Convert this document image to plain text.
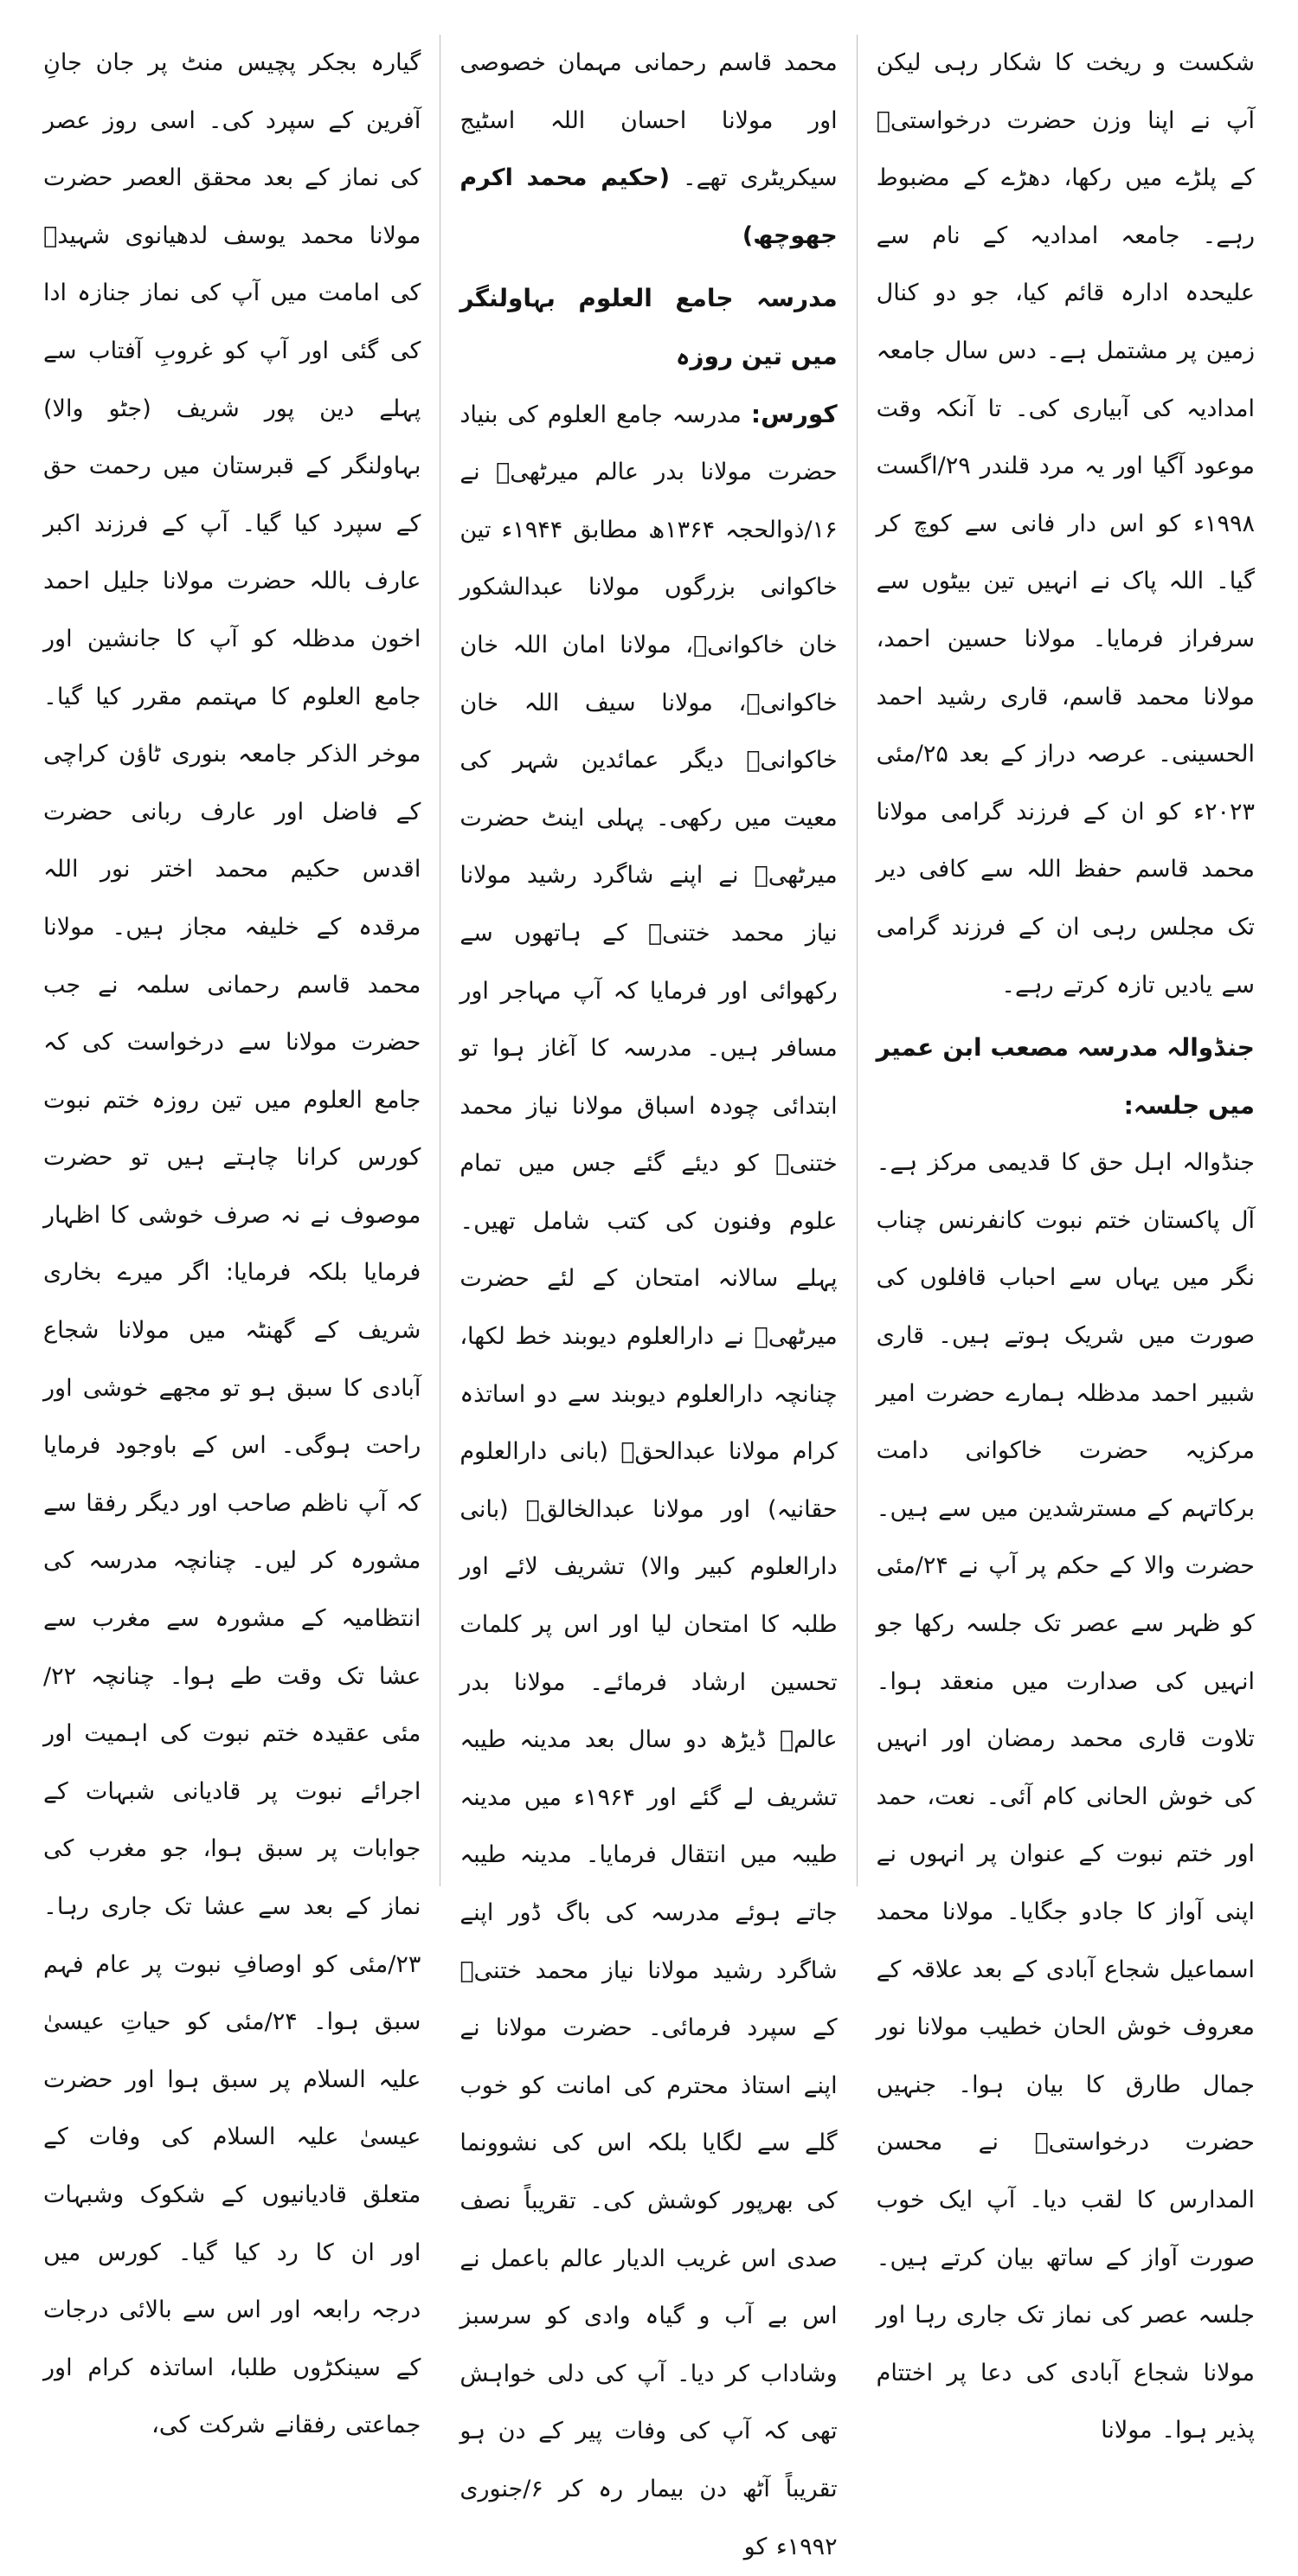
شکست و ریخت کا شکار رہی لیکن آپ نے اپنا وزن حضرت درخواستیؒ کے پلڑے میں رکھا، دھڑے کے مضبوط رہے۔ جامعہ امدادیہ کے نام سے علیحدہ ادارہ قائم کیا، جو دو کنال زمین پر مشتمل ہے۔ دس سال جامعہ امدادیہ کی آبیاری کی۔ تا آنکہ وقت موعود آگیا اور یہ مرد قلندر ۲۹/اگست ۱۹۹۸ء کو اس دار فانی سے کوچ کر گیا۔ اللہ پاک نے انہیں تین بیٹوں سے سرفراز فرمایا۔ مولانا حسین احمد، مولانا محمد قاسم، قاری رشید احمد الحسینی۔ عرصہ دراز کے بعد ۲۵/مئی ۲۰۲۳ء کو ان کے فرزند گرامی مولانا محمد قاسم حفظ اللہ سے کافی دیر تک مجلس رہی ان کے فرزند گرامی سے یادیں تازہ کرتے رہے۔

جنڈوالہ مدرسہ مصعب ابن عمیر میں جلسہ:

جنڈوالہ اہل حق کا قدیمی مرکز ہے۔ آل پاکستان ختم نبوت کانفرنس چناب نگر میں یہاں سے احباب قافلوں کی صورت میں شریک ہوتے ہیں۔ قاری شبیر احمد مدظلہ ہمارے حضرت امیر مرکزیہ حضرت خاکوانی دامت برکاتہم کے مسترشدین میں سے ہیں۔ حضرت والا کے حکم پر آپ نے ۲۴/مئی کو ظہر سے عصر تک جلسہ رکھا جو انہیں کی صدارت میں منعقد ہوا۔ تلاوت قاری محمد رمضان اور انہیں کی خوش الحانی کام آئی۔ نعت، حمد اور ختم نبوت کے عنوان پر انہوں نے اپنی آواز کا جادو جگایا۔ مولانا محمد اسماعیل شجاع آبادی کے بعد علاقہ کے معروف خوش الحان خطیب مولانا نور جمال طارق کا بیان ہوا۔ جنہیں حضرت درخواستیؒ نے محسن المدارس کا لقب دیا۔ آپ ایک خوب صورت آواز کے ساتھ بیان کرتے ہیں۔ جلسہ عصر کی نماز تک جاری رہا اور مولانا شجاع آبادی کی دعا پر اختتام پذیر ہوا۔ مولانا

محمد قاسم رحمانی مہمان خصوصی اور مولانا احسان اللہ اسٹیج سیکریٹری تھے۔ (حکیم محمد اکرم جھوچھ)

مدرسہ جامع العلوم بہاولنگر میں تین روزہ

کورس: مدرسہ جامع العلوم کی بنیاد حضرت مولانا بدر عالم میرٹھیؒ نے ۱۶/ذوالحجہ ۱۳۶۴ھ مطابق ۱۹۴۴ء تین خاکوانی بزرگوں مولانا عبدالشکور خان خاکوانیؒ، مولانا امان اللہ خان خاکوانیؒ، مولانا سیف اللہ خان خاکوانیؒ دیگر عمائدین شہر کی معیت میں رکھی۔ پہلی اینٹ حضرت میرٹھیؒ نے اپنے شاگرد رشید مولانا نیاز محمد ختنیؒ کے ہاتھوں سے رکھوائی اور فرمایا کہ آپ مہاجر اور مسافر ہیں۔ مدرسہ کا آغاز ہوا تو ابتدائی چودہ اسباق مولانا نیاز محمد ختنیؒ کو دیئے گئے جس میں تمام علوم وفنون کی کتب شامل تھیں۔ پہلے سالانہ امتحان کے لئے حضرت میرٹھیؒ نے دارالعلوم دیوبند خط لکھا، چنانچہ دارالعلوم دیوبند سے دو اساتذہ کرام مولانا عبدالحقؒ (بانی دارالعلوم حقانیہ) اور مولانا عبدالخالقؒ (بانی دارالعلوم کبیر والا) تشریف لائے اور طلبہ کا امتحان لیا اور اس پر کلمات تحسین ارشاد فرمائے۔ مولانا بدر عالمؒ ڈیڑھ دو سال بعد مدینہ طیبہ تشریف لے گئے اور ۱۹۶۴ء میں مدینہ طیبہ میں انتقال فرمایا۔ مدینہ طیبہ جاتے ہوئے مدرسہ کی باگ ڈور اپنے شاگرد رشید مولانا نیاز محمد ختنیؒ کے سپرد فرمائی۔ حضرت مولانا نے اپنے استاذ محترم کی امانت کو خوب گلے سے لگایا بلکہ اس کی نشوونما کی بھرپور کوشش کی۔ تقریباً نصف صدی اس غریب الدیار عالم باعمل نے اس بے آب و گیاہ وادی کو سرسبز وشاداب کر دیا۔ آپ کی دلی خواہش تھی کہ آپ کی وفات پیر کے دن ہو تقریباً آٹھ دن بیمار رہ کر ۶/جنوری ۱۹۹۲ء کو

گیارہ بجکر پچیس منٹ پر جان جانِ آفرین کے سپرد کی۔ اسی روز عصر کی نماز کے بعد محقق العصر حضرت مولانا محمد یوسف لدھیانوی شہیدؒ کی امامت میں آپ کی نماز جنازہ ادا کی گئی اور آپ کو غروبِ آفتاب سے پہلے دین پور شریف (جٹو والا) بہاولنگر کے قبرستان میں رحمت حق کے سپرد کیا گیا۔ آپ کے فرزند اکبر عارف باللہ حضرت مولانا جلیل احمد اخون مدظلہ کو آپ کا جانشین اور جامع العلوم کا مہتمم مقرر کیا گیا۔ موخر الذکر جامعہ بنوری ٹاؤن کراچی کے فاضل اور عارف ربانی حضرت اقدس حکیم محمد اختر نور اللہ مرقدہ کے خلیفہ مجاز ہیں۔ مولانا محمد قاسم رحمانی سلمہ نے جب حضرت مولانا سے درخواست کی کہ جامع العلوم میں تین روزہ ختم نبوت کورس کرانا چاہتے ہیں تو حضرت موصوف نے نہ صرف خوشی کا اظہار فرمایا بلکہ فرمایا: اگر میرے بخاری شریف کے گھنٹہ میں مولانا شجاع آبادی کا سبق ہو تو مجھے خوشی اور راحت ہوگی۔ اس کے باوجود فرمایا کہ آپ ناظم صاحب اور دیگر رفقا سے مشورہ کر لیں۔ چنانچہ مدرسہ کی انتظامیہ کے مشورہ سے مغرب سے عشا تک وقت طے ہوا۔ چنانچہ ۲۲/مئی عقیدہ ختم نبوت کی اہمیت اور اجرائے نبوت پر قادیانی شبہات کے جوابات پر سبق ہوا، جو مغرب کی نماز کے بعد سے عشا تک جاری رہا۔ ۲۳/مئی کو اوصافِ نبوت پر عام فہم سبق ہوا۔ ۲۴/مئی کو حیاتِ عیسیٰ علیہ السلام پر سبق ہوا اور حضرت عیسیٰ علیہ السلام کی وفات کے متعلق قادیانیوں کے شکوک وشبہات اور ان کا رد کیا گیا۔ کورس میں درجہ رابعہ اور اس سے بالائی درجات کے سینکڑوں طلبا، اساتذہ کرام اور جماعتی رفقانے شرکت کی،
